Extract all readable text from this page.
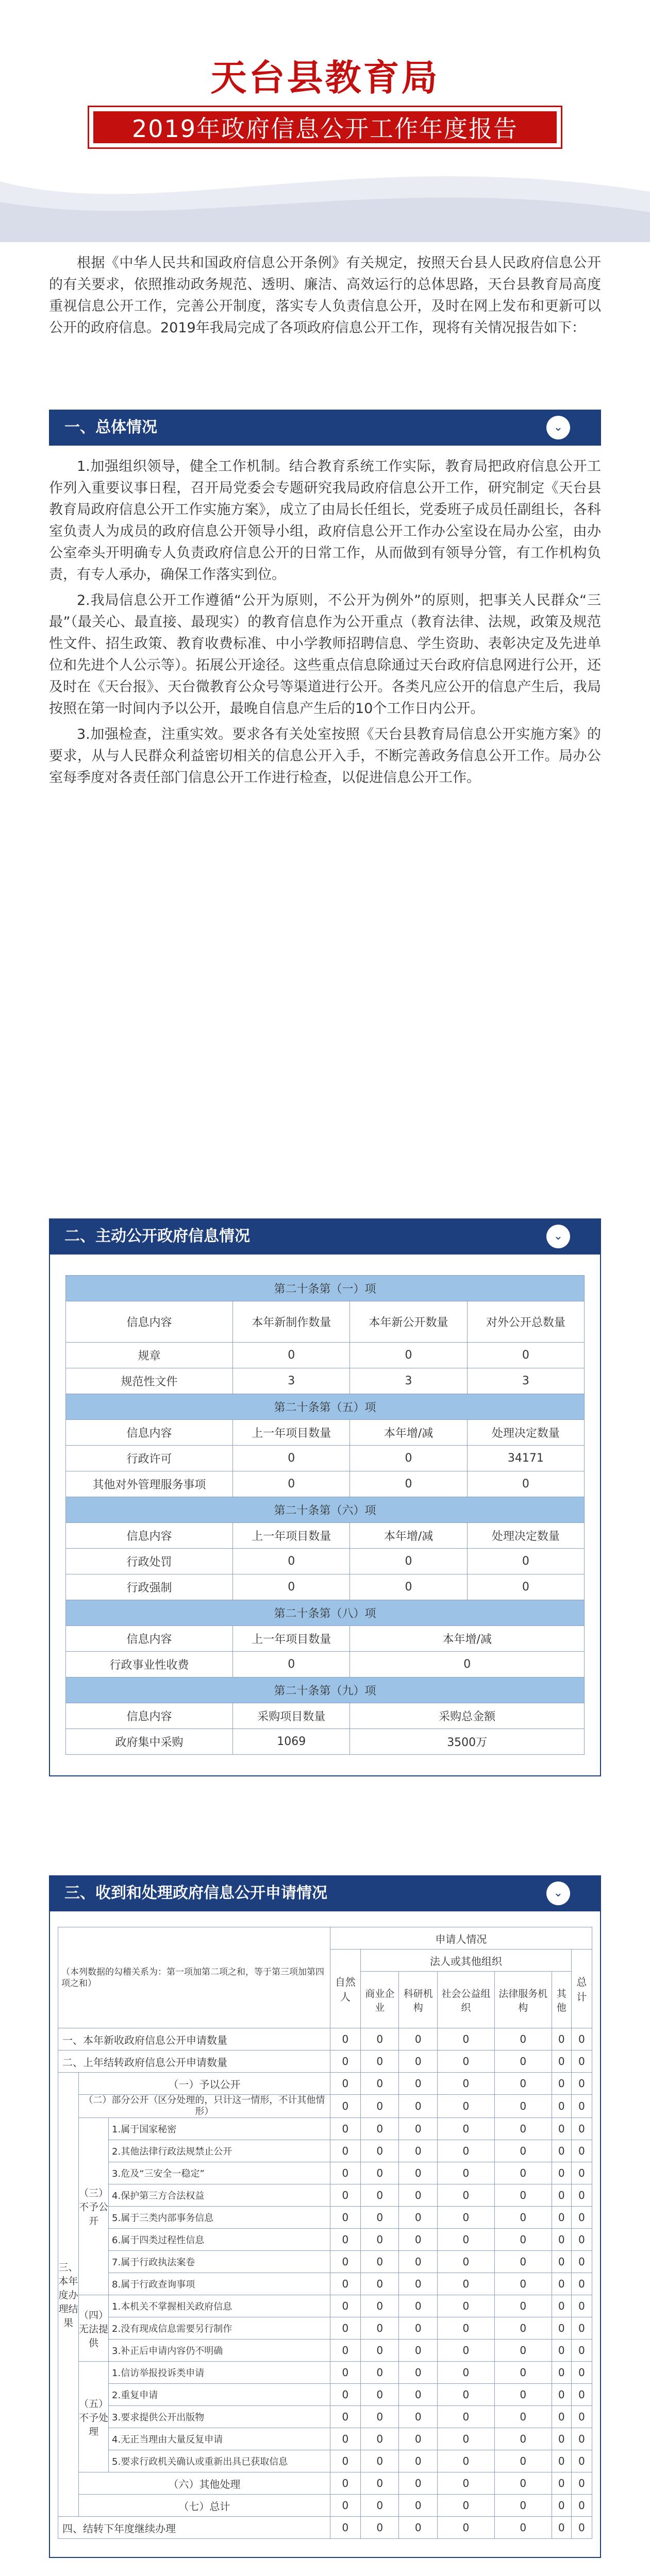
天台县教育局
2019年政府信息公开工作年度报告
根据《中华人民共和国政府信息公开条例》有关规定，按照天台县人民政府信息公开的有关要求，依照推动政务规范、透明、廉洁、高效运行的总体思路，天台县教育局高度重视信息公开工作，完善公开制度，落实专人负责信息公开，及时在网上发布和更新可以公开的政府信息。2019年我局完成了各项政府信息公开工作，现将有关情况报告如下：
一、总体情况	⌄
1.加强组织领导，健全工作机制。结合教育系统工作实际，教育局把政府信息公开工作列入重要议事日程，召开局党委会专题研究我局政府信息公开工作，研究制定《天台县教育局政府信息公开工作实施方案》，成立了由局长任组长，党委班子成员任副组长，各科室负责人为成员的政府信息公开领导小组，政府信息公开工作办公室设在局办公室，由办公室牵头开明确专人负责政府信息公开的日常工作，从而做到有领导分管，有工作机构负责，有专人承办，确保工作落实到位。
2.我局信息公开工作遵循“公开为原则，不公开为例外”的原则，把事关人民群众“三最”（最关心、最直接、最现实）的教育信息作为公开重点（教育法律、法规，政策及规范性文件、招生政策、教育收费标准、中小学教师招聘信息、学生资助、表彰决定及先进单位和先进个人公示等）。拓展公开途径。这些重点信息除通过天台政府信息网进行公开，还及时在《天台报》、天台微教育公众号等渠道进行公开。各类凡应公开的信息产生后，我局按照在第一时间内予以公开，最晚自信息产生后的10个工作日内公开。
3.加强检查，注重实效。要求各有关处室按照《天台县教育局信息公开实施方案》的要求，从与人民群众利益密切相关的信息公开入手，不断完善政务信息公开工作。局办公室每季度对各责任部门信息公开工作进行检查，以促进信息公开工作。
二、主动公开政府信息情况	⌄
第二十条第（一）项			
信息内容	本年新制作数量	本年新公开数量	对外公开总数量
规章	0	0	0
规范性文件	3	3	3
第二十条第（五）项			
信息内容	上一年项目数量	本年增/减	处理决定数量
行政许可	0	0	34171
其他对外管理服务事项	0	0	0
第二十条第（六）项			
信息内容	上一年项目数量	本年增/减	处理决定数量
行政处罚	0	0	0
行政强制	0	0	0
第二十条第（八）项			
信息内容	上一年项目数量	本年增/减	
行政事业性收费	0	0	
第二十条第（九）项			
信息内容	采购项目数量	采购总金额	
政府集中采购	1069	3500万	
三、收到和处理政府信息公开申请情况	⌄
（本列数据的勾稽关系为：第一项加第二项之和，等于第三项加第四项之和）			申请人情况						
			自然人	法人或其他组织					总计
				商业企业	科研机构	社会公益组织	法律服务机构	其他	
一、本年新收政府信息公开申请数量			0	0	0	0	0	0	0
二、上年结转政府信息公开申请数量			0	0	0	0	0	0	0
三、本年度办理结果	（一）予以公开		0	0	0	0	0	0	0
	（二）部分公开（区分处理的，只计这一情形，不计其他情形）		0	0	0	0	0	0	0
	（三）不予公开	1.属于国家秘密	0	0	0	0	0	0	0
		2.其他法律行政法规禁止公开	0	0	0	0	0	0	0
		3.危及“三安全一稳定”	0	0	0	0	0	0	0
		4.保护第三方合法权益	0	0	0	0	0	0	0
		5.属于三类内部事务信息	0	0	0	0	0	0	0
		6.属于四类过程性信息	0	0	0	0	0	0	0
		7.属于行政执法案卷	0	0	0	0	0	0	0
		8.属于行政查询事项	0	0	0	0	0	0	0
	（四）无法提供	1.本机关不掌握相关政府信息	0	0	0	0	0	0	0
		2.没有现成信息需要另行制作	0	0	0	0	0	0	0
		3.补正后申请内容仍不明确	0	0	0	0	0	0	0
	（五）不予处理	1.信访举报投诉类申请	0	0	0	0	0	0	0
		2.重复申请	0	0	0	0	0	0	0
		3.要求提供公开出版物	0	0	0	0	0	0	0
		4.无正当理由大量反复申请	0	0	0	0	0	0	0
		5.要求行政机关确认或重新出具已获取信息	0	0	0	0	0	0	0
	（六）其他处理		0	0	0	0	0	0	0
	（七）总计		0	0	0	0	0	0	0
四、结转下年度继续办理			0	0	0	0	0	0	0
